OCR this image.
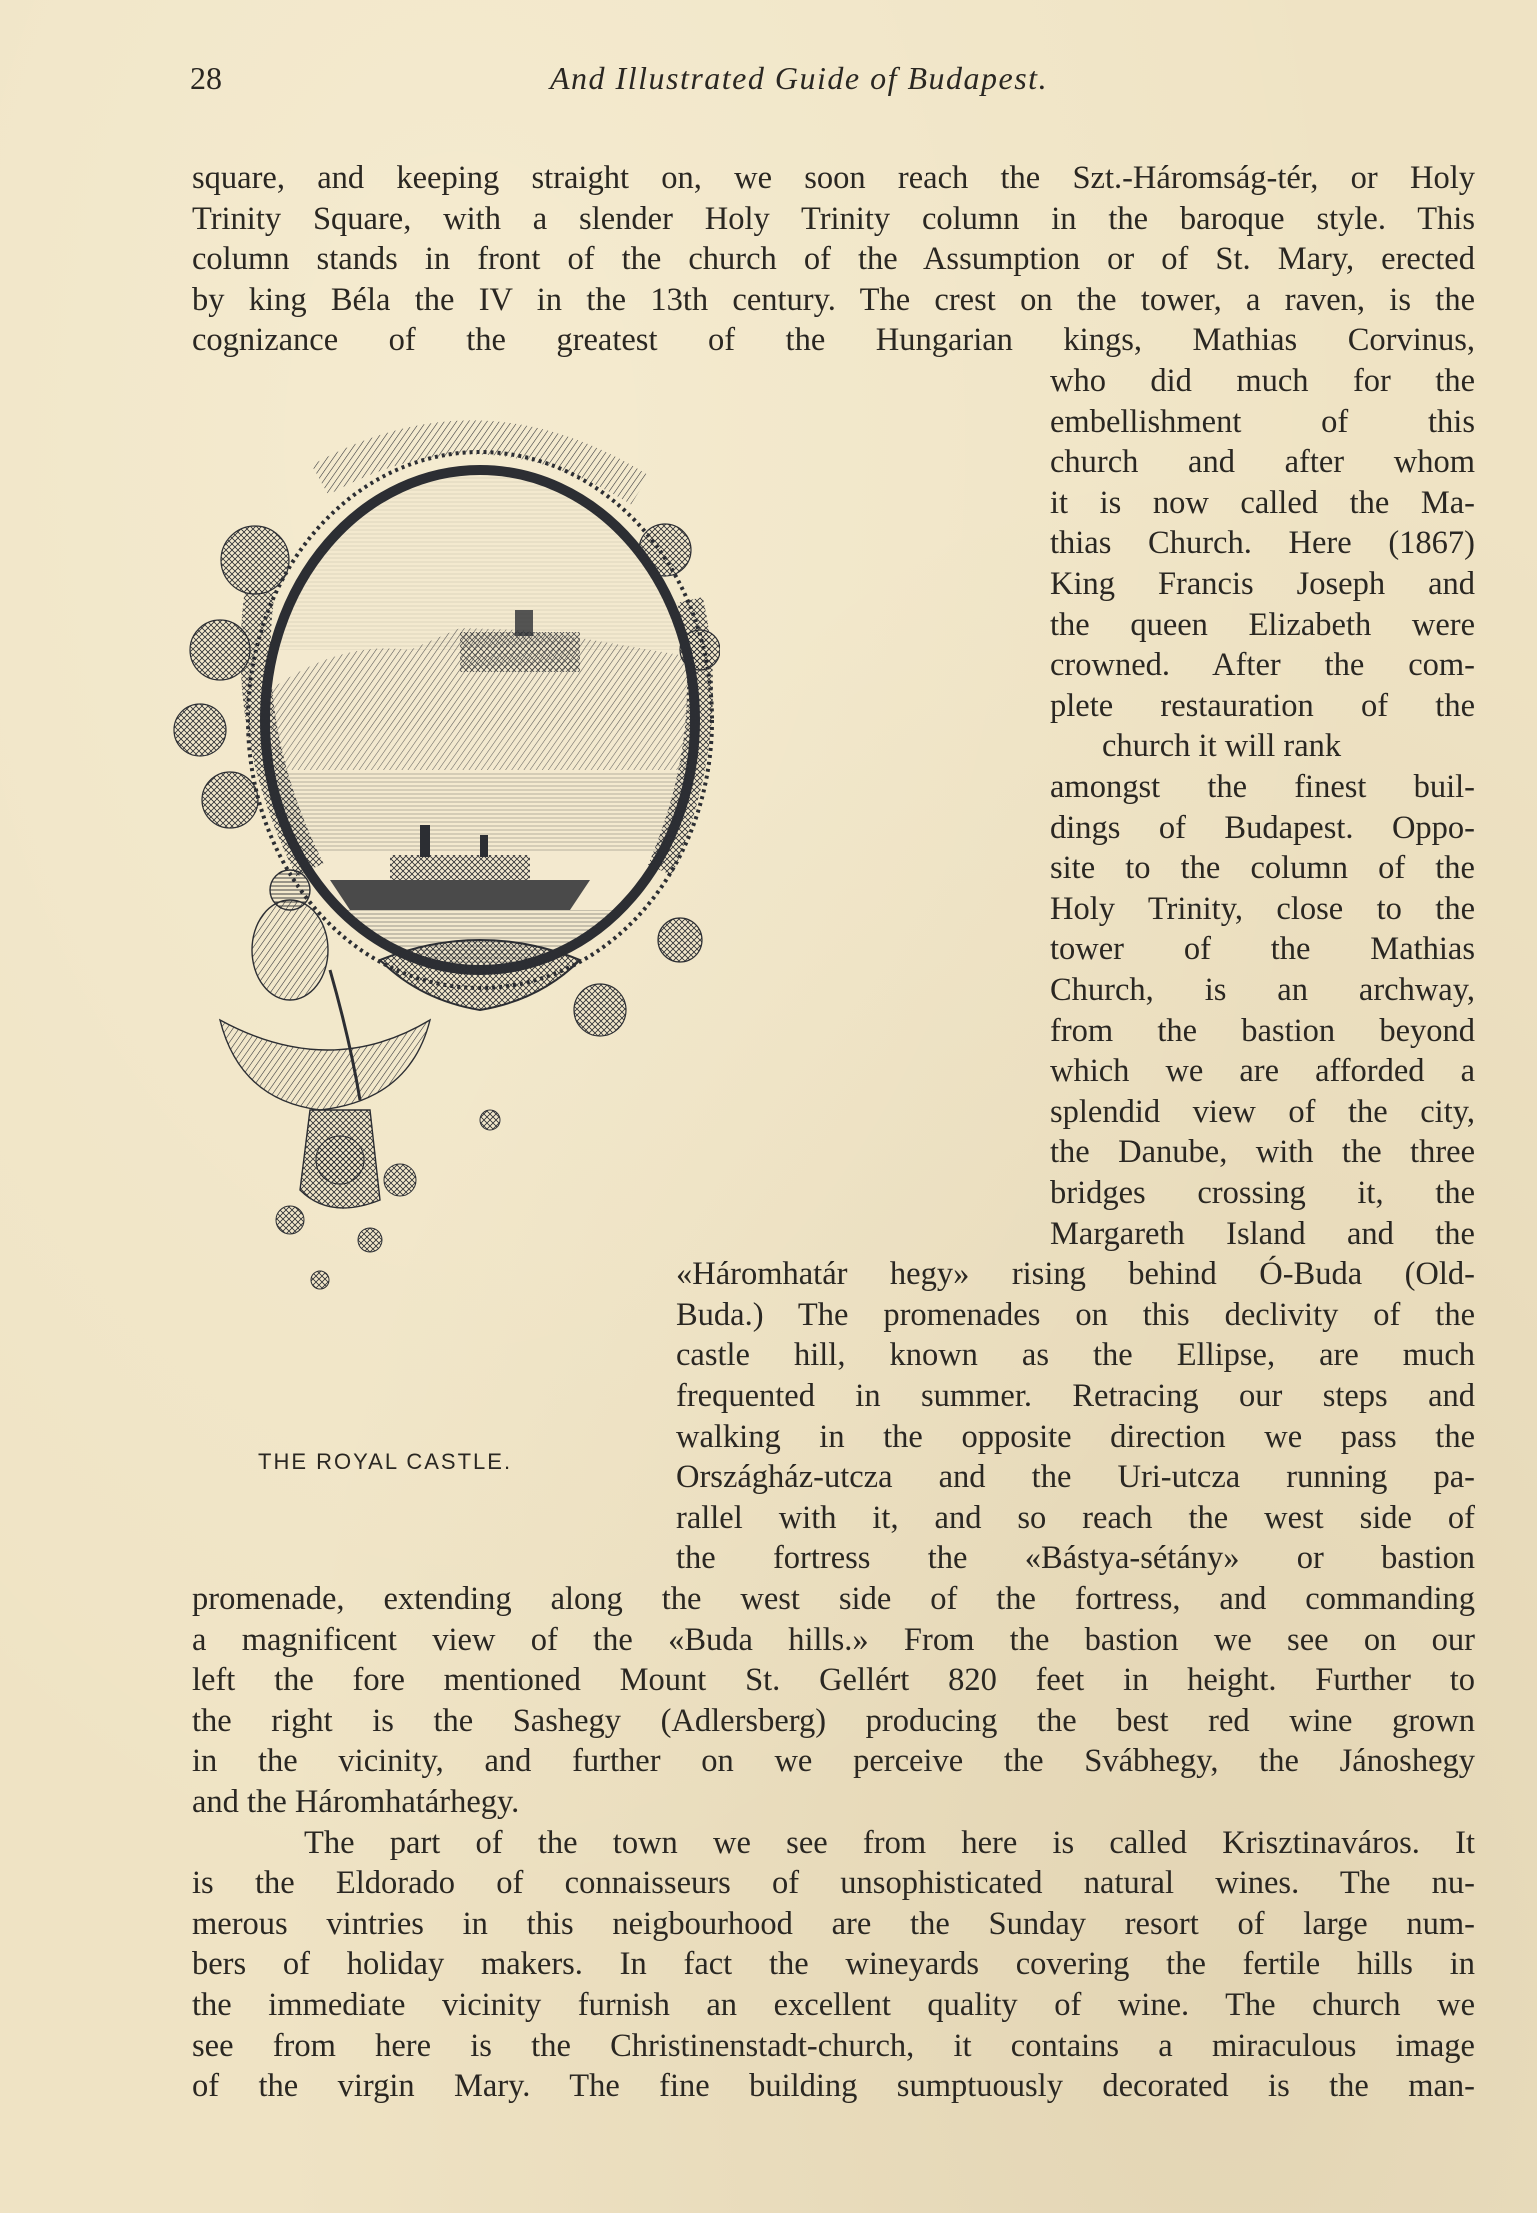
28	And Illustrated Guide of Budapest.
THE ROYAL CASTLE.
square, and keeping straight on, we soon reach the Szt.-Háromság-tér, or Holy
Trinity Square, with a slender Holy Trinity column in the baroque style. This
column stands in front of the church of the Assumption or of St. Mary, erected
by king Béla the IV in the 13th century. The crest on the tower, a raven, is the
cognizance of the greatest of the Hungarian kings, Mathias Corvinus,
who did much for the
embellishment of this
church and after whom
it is now called the Ma-
thias Church. Here (1867)
King Francis Joseph and
the queen Elizabeth were
crowned. After the com-
plete restauration of the
church it will rank
amongst the finest buil-
dings of Budapest. Oppo-
site to the column of the
Holy Trinity, close to the
tower of the Mathias
Church, is an archway,
from the bastion beyond
which we are afforded a
splendid view of the city,
the Danube, with the three
bridges crossing it, the
Margareth Island and the
«Háromhatár hegy» rising behind Ó-Buda (Old-
Buda.) The promenades on this declivity of the
castle hill, known as the Ellipse, are much
frequented in summer. Retracing our steps and
walking in the opposite direction we pass the
Országház-utcza and the Uri-utcza running pa-
rallel with it, and so reach the west side of
the fortress the «Bástya-sétány» or bastion
promenade, extending along the west side of the fortress, and commanding
a magnificent view of the «Buda hills.» From the bastion we see on our
left the fore mentioned Mount St. Gellért 820 feet in height. Further to
the right is the Sashegy (Adlersberg) producing the best red wine grown
in the vicinity, and further on we perceive the Svábhegy, the Jánoshegy
and the Háromhatárhegy.
The part of the town we see from here is called Krisztinaváros. It
is the Eldorado of connaisseurs of unsophisticated natural wines. The nu-
merous vintries in this neigbourhood are the Sunday resort of large num-
bers of holiday makers. In fact the wineyards covering the fertile hills in
the immediate vicinity furnish an excellent quality of wine. The church we
see from here is the Christinenstadt-church, it contains a miraculous image
of the virgin Mary. The fine building sumptuously decorated is the man-
